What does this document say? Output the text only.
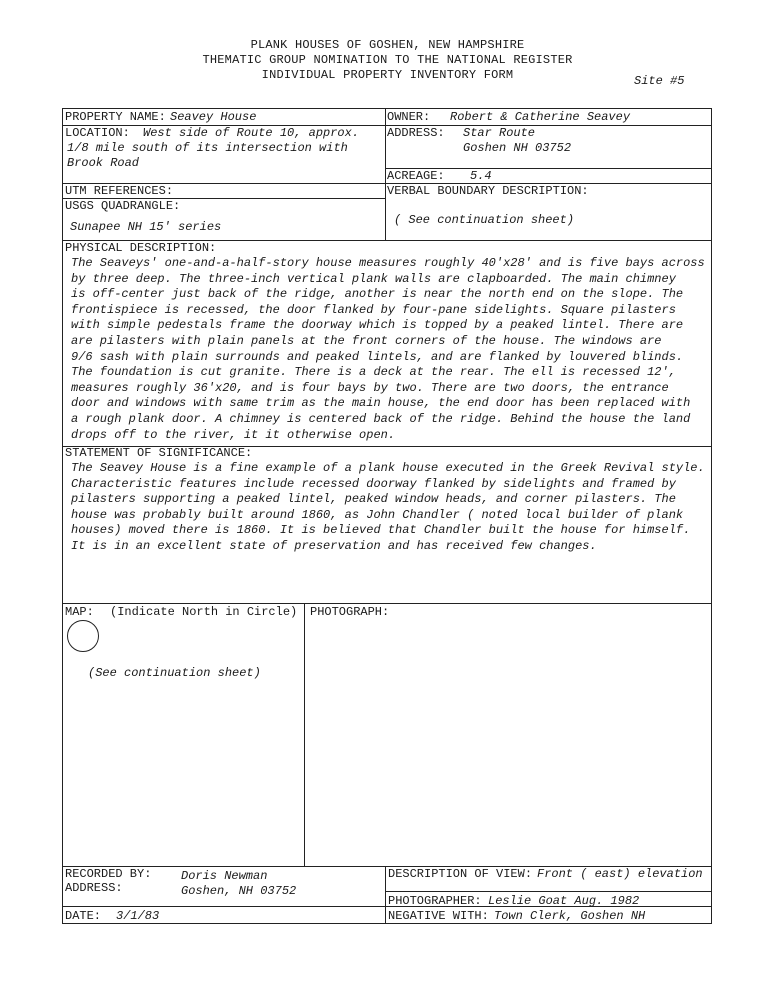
PLANK HOUSES OF GOSHEN, NEW HAMPSHIRE
THEMATIC GROUP NOMINATION TO THE NATIONAL REGISTER
INDIVIDUAL PROPERTY INVENTORY FORM	Site #5
PROPERTY NAME: Seavey House	OWNER: Robert & Catherine Seavey
LOCATION: West side of Route 10, approx.
1/8 mile south of its intersection with
Brook Road
ADDRESS: Star Route
Goshen NH 03752
ACREAGE: 5.4
UTM REFERENCES:	VERBAL BOUNDARY DESCRIPTION:
( See continuation sheet)
USGS QUADRANGLE:
Sunapee NH 15' series
PHYSICAL DESCRIPTION:
The Seaveys' one-and-a-half-story house measures roughly 40'x28' and is five bays across
by three deep. The three-inch vertical plank walls are clapboarded. The main chimney
is off-center just back of the ridge, another is near the north end on the slope. The
frontispiece is recessed, the door flanked by four-pane sidelights. Square pilasters
with simple pedestals frame the doorway which is topped by a peaked lintel. There are
are pilasters with plain panels at the front corners of the house. The windows are
9/6 sash with plain surrounds and peaked lintels, and are flanked by louvered blinds.
The foundation is cut granite. There is a deck at the rear. The ell is recessed 12',
measures roughly 36'x20, and is four bays by two. There are two doors, the entrance
door and windows with same trim as the main house, the end door has been replaced with
a rough plank door. A chimney is centered back of the ridge. Behind the house the land
drops off to the river, it it otherwise open.
STATEMENT OF SIGNIFICANCE:
The Seavey House is a fine example of a plank house executed in the Greek Revival style.
Characteristic features include recessed doorway flanked by sidelights and framed by
pilasters supporting a peaked lintel, peaked window heads, and corner pilasters. The
house was probably built around 1860, as John Chandler ( noted local builder of plank
houses) moved there is 1860. It is believed that Chandler built the house for himself.
It is in an excellent state of preservation and has received few changes.
MAP: (Indicate North in Circle)
(See continuation sheet)
PHOTOGRAPH:
RECORDED BY: Doris Newman
ADDRESS:	Goshen, NH 03752
DATE: 3/1/83
DESCRIPTION OF VIEW: Front ( east) elevation
PHOTOGRAPHER: Leslie Goat Aug. 1982
NEGATIVE WITH: Town Clerk, Goshen NH
